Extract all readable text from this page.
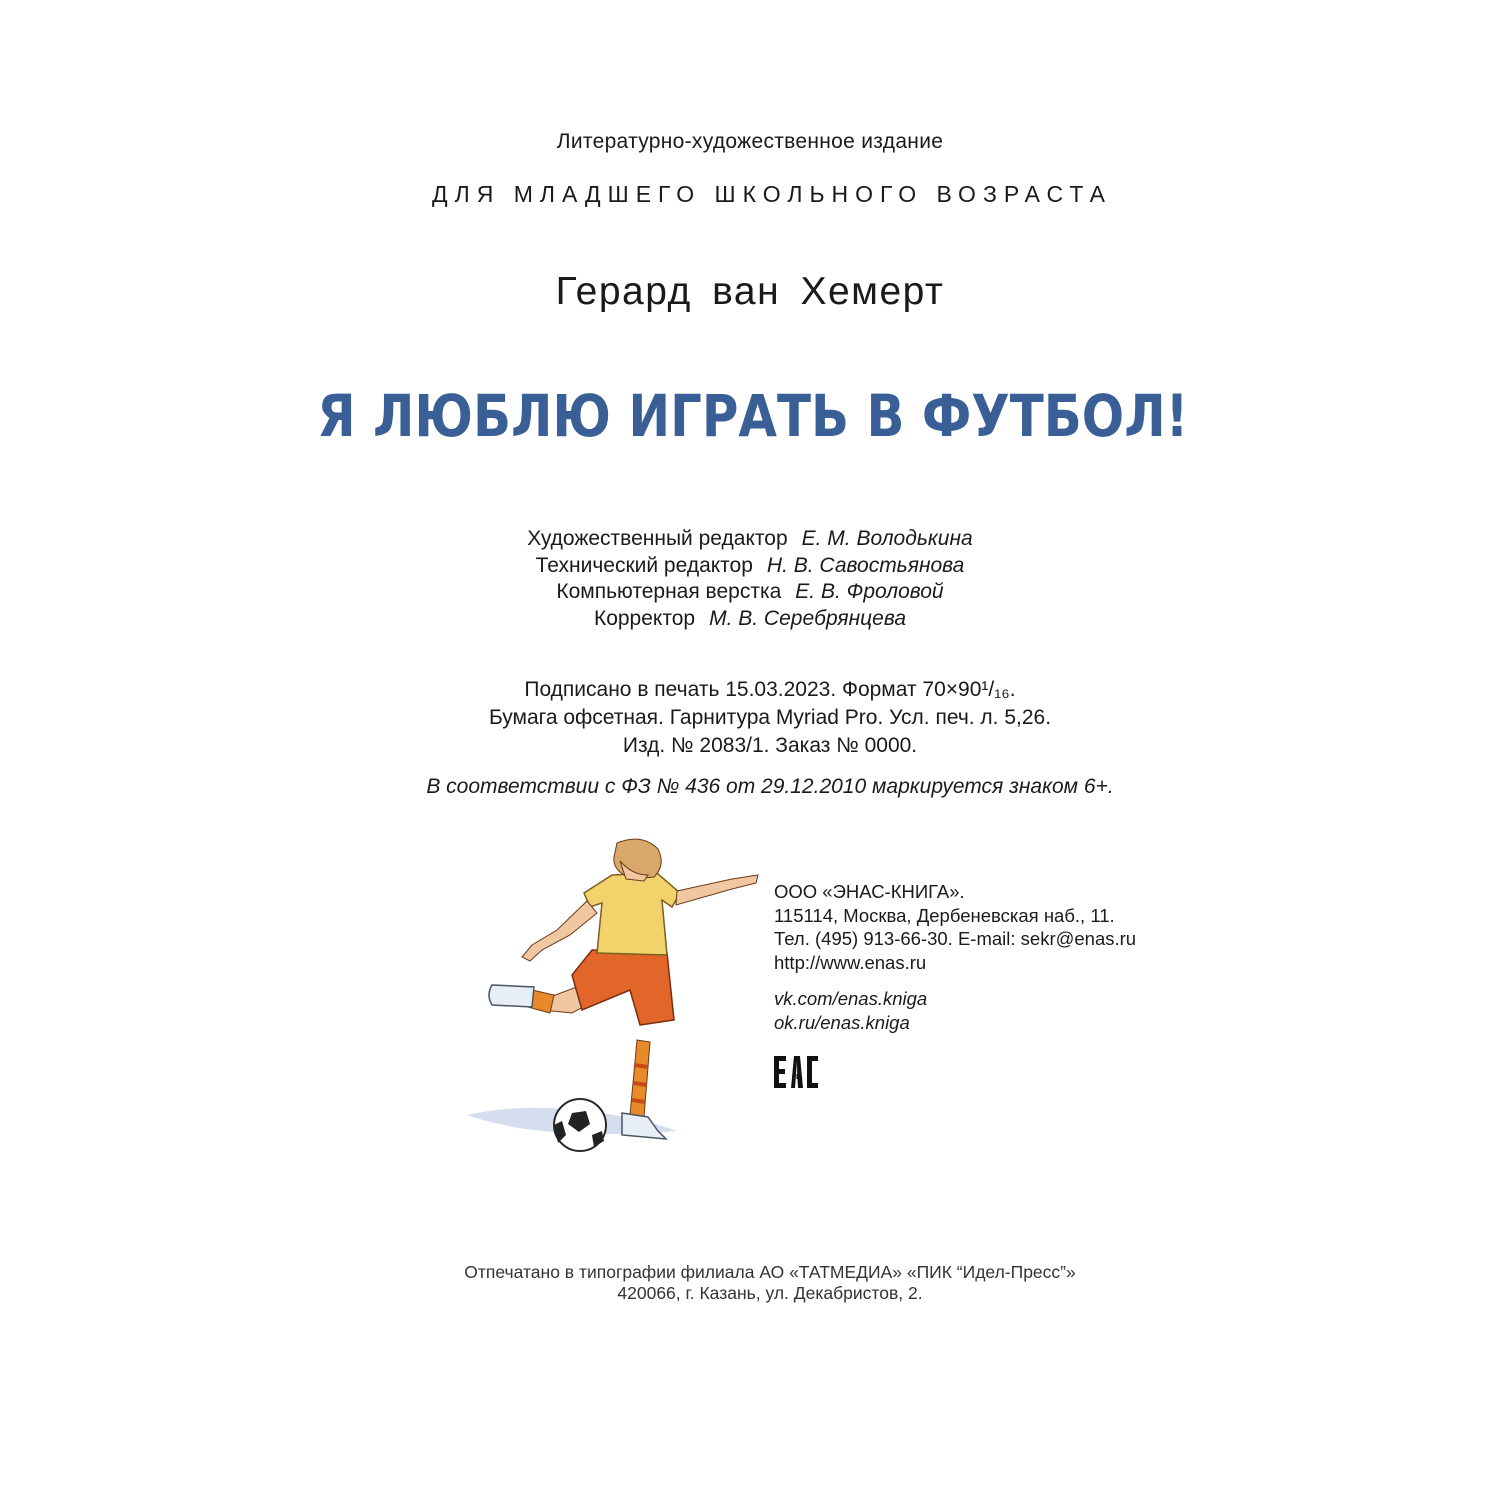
Литературно-художественное издание
ДЛЯ МЛАДШЕГО ШКОЛЬНОГО ВОЗРАСТА
Герард ван Хемерт
Я ЛЮБЛЮ ИГРАТЬ В ФУТБОЛ!
Художественный редактор Е. М. Володькина
Технический редактор Н. В. Савостьянова
Компьютерная верстка Е. В. Фроловой
Корректор М. В. Серебрянцева
Подписано в печать 15.03.2023. Формат 70×90¹/₁₆.
Бумага офсетная. Гарнитура Myriad Pro. Усл. печ. л. 5,26.
Изд. № 2083/1. Заказ № 0000.
В соответствии с ФЗ № 436 от 29.12.2010 маркируется знаком 6+.
ООО «ЭНАС-КНИГА».
115114, Москва, Дербеневская наб., 11.
Тел. (495) 913-66-30. E-mail: sekr@enas.ru
http://www.enas.ru
vk.com/enas.kniga
ok.ru/enas.kniga
Отпечатано в типографии филиала АО «ТАТМЕДИА» «ПИК “Идел-Пресс”»
420066, г. Казань, ул. Декабристов, 2.
